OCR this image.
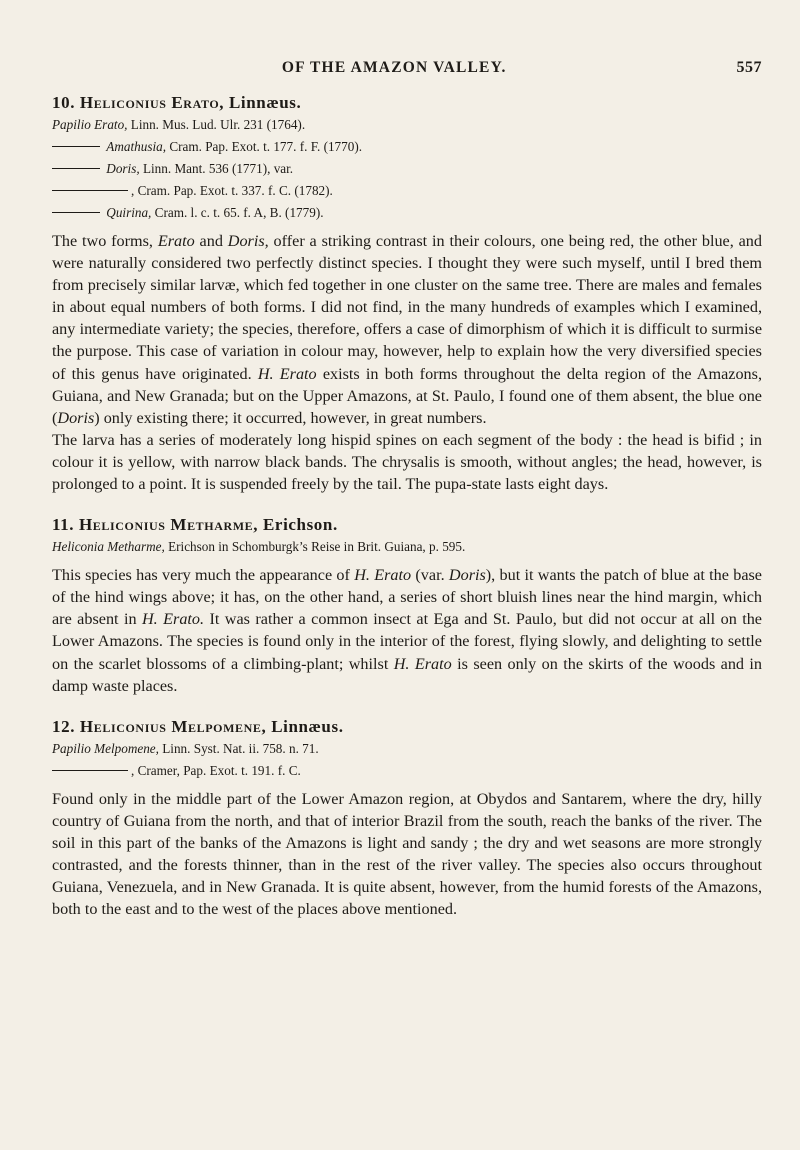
OF THE AMAZON VALLEY.	557

10. Heliconius Erato, Linnæus.

Papilio Erato, Linn. Mus. Lud. Ulr. 231 (1764).

Amathusia, Cram. Pap. Exot. t. 177. f. F. (1770).

Doris, Linn. Mant. 536 (1771), var.

, Cram. Pap. Exot. t. 337. f. C. (1782).

Quirina, Cram. l. c. t. 65. f. A, B. (1779).

The two forms, Erato and Doris, offer a striking contrast in their colours, one being red, the other blue, and were naturally considered two perfectly distinct species. I thought they were such myself, until I bred them from precisely similar larvæ, which fed together in one cluster on the same tree. There are males and females in about equal numbers of both forms. I did not find, in the many hundreds of examples which I examined, any intermediate variety; the species, therefore, offers a case of dimorphism of which it is difficult to surmise the purpose. This case of variation in colour may, however, help to explain how the very diversified species of this genus have originated. H. Erato exists in both forms throughout the delta region of the Amazons, Guiana, and New Granada; but on the Upper Amazons, at St. Paulo, I found one of them absent, the blue one (Doris) only existing there; it occurred, however, in great numbers.

The larva has a series of moderately long hispid spines on each segment of the body : the head is bifid ; in colour it is yellow, with narrow black bands. The chrysalis is smooth, without angles; the head, however, is prolonged to a point. It is suspended freely by the tail. The pupa-state lasts eight days.

11. Heliconius Metharme, Erichson.

Heliconia Metharme, Erichson in Schomburgk’s Reise in Brit. Guiana, p. 595.

This species has very much the appearance of H. Erato (var. Doris), but it wants the patch of blue at the base of the hind wings above; it has, on the other hand, a series of short bluish lines near the hind margin, which are absent in H. Erato. It was rather a common insect at Ega and St. Paulo, but did not occur at all on the Lower Amazons. The species is found only in the interior of the forest, flying slowly, and delighting to settle on the scarlet blossoms of a climbing-plant; whilst H. Erato is seen only on the skirts of the woods and in damp waste places.

12. Heliconius Melpomene, Linnæus.

Papilio Melpomene, Linn. Syst. Nat. ii. 758. n. 71.

, Cramer, Pap. Exot. t. 191. f. C.

Found only in the middle part of the Lower Amazon region, at Obydos and Santarem, where the dry, hilly country of Guiana from the north, and that of interior Brazil from the south, reach the banks of the river. The soil in this part of the banks of the Amazons is light and sandy ; the dry and wet seasons are more strongly contrasted, and the forests thinner, than in the rest of the river valley. The species also occurs throughout Guiana, Venezuela, and in New Granada. It is quite absent, however, from the humid forests of the Amazons, both to the east and to the west of the places above mentioned.
